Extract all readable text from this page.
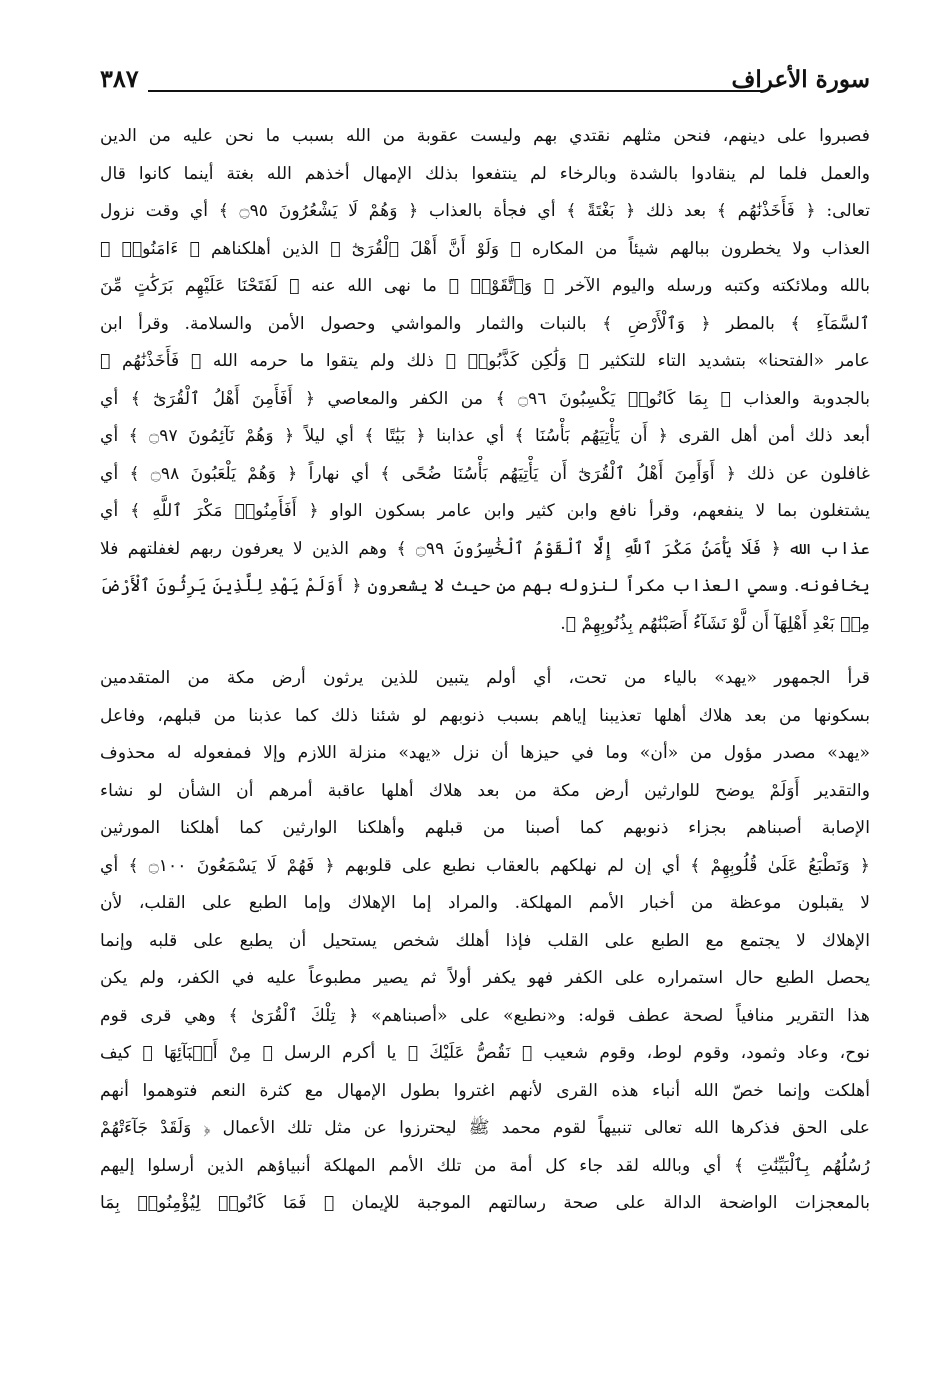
سورة الأعراف
٣٨٧

فصبروا على دينهم، فنحن مثلهم نقتدي بهم وليست عقوبة من الله بسبب ما نحن عليه من الدين
والعمل فلما لم ينقادوا بالشدة وبالرخاء لم ينتفعوا بذلك الإمهال أخذهم الله بغتة أينما كانوا قال
تعالى: ﴿ فَأَخَذْنَٰهُم ﴾ بعد ذلك ﴿ بَغْتَةً ﴾ أي فجأة بالعذاب ﴿ وَهُمْ لَا يَشْعُرُونَ ۝٩٥ ﴾ أي وقت نزول
العذاب ولا يخطرون ببالهم شيئاً من المكاره ﴿ وَلَوْ أَنَّ أَهْلَ ٱلْقُرَىٰٓ ﴾ الذين أهلكناهم ﴿ ءَامَنُوا۟ ﴾
بالله وملائكته وكتبه ورسله واليوم الآخر ﴿ وَٱتَّقَوْا۟ ﴾ ما نهى الله عنه ﴿ لَفَتَحْنَا عَلَيْهِم بَرَكَٰتٍ مِّنَ
ٱلسَّمَآءِ ﴾ بالمطر ﴿ وَٱلْأَرْضِ ﴾ بالنبات والثمار والمواشي وحصول الأمن والسلامة. وقرأ ابن
عامر «الفتحنا» بتشديد التاء للتكثير ﴿ وَلَٰكِن كَذَّبُوا۟ ﴾ ذلك ولم يتقوا ما حرمه الله ﴿ فَأَخَذْنَٰهُم ﴾
بالجدوبة والعذاب ﴿ بِمَا كَانُوا۟ يَكْسِبُونَ ۝٩٦ ﴾ من الكفر والمعاصي ﴿ أَفَأَمِنَ أَهْلُ ٱلْقُرَىٰٓ ﴾ أي
أبعد ذلك أمن أهل القرى ﴿ أَن يَأْتِيَهُم بَأْسُنَا ﴾ أي عذابنا ﴿ بَيَٰتًا ﴾ أي ليلاً ﴿ وَهُمْ نَآئِمُونَ ۝٩٧ ﴾ أي
غافلون عن ذلك ﴿ أَوَأَمِنَ أَهْلُ ٱلْقُرَىٰٓ أَن يَأْتِيَهُم بَأْسُنَا ضُحًى ﴾ أي نهاراً ﴿ وَهُمْ يَلْعَبُونَ ۝٩٨ ﴾ أي
يشتغلون بما لا ينفعهم، وقرأ نافع وابن كثير وابن عامر بسكون الواو ﴿ أَفَأَمِنُوا۟ مَكْرَ ٱللَّهِ ﴾ أي
عذاب الله ﴿ فَلَا يَأْمَنُ مَكْرَ ٱللَّهِ إِلَّا ٱلْقَوْمُ ٱلْخَٰسِرُونَ ۝٩٩ ﴾ وهم الذين لا يعرفون ربهم لغفلتهم فلا
يخافونه. وسمي العذاب مكراً لنزوله بهم من حيث لا يشعرون ﴿ أَوَلَمْ يَهْدِ لِلَّذِينَ يَرِثُونَ ٱلْأَرْضَ
مِنۢ بَعْدِ أَهْلِهَآ أَن لَّوْ نَشَآءُ أَصَبْنَٰهُم بِذُنُوبِهِمْ ﴾.

قرأ الجمهور «يهد» بالياء من تحت، أي أولم يتبين للذين يرثون أرض مكة من المتقدمين
بسكونها من بعد هلاك أهلها تعذيبنا إياهم بسبب ذنوبهم لو شئنا ذلك كما عذبنا من قبلهم، وفاعل
«يهد» مصدر مؤول من «أن» وما في حيزها أن نزل «يهد» منزلة اللازم وإلا فمفعوله له محذوف
والتقدير أَوَلَمْ يوضح للوارثين أرض مكة من بعد هلاك أهلها عاقبة أمرهم أن الشأن لو نشاء
الإصابة أصبناهم بجزاء ذنوبهم كما أصبنا من قبلهم وأهلكنا الوارثين كما أهلكنا المورثين
﴿ وَنَطْبَعُ عَلَىٰ قُلُوبِهِمْ ﴾ أي إن لم نهلكهم بالعقاب نطبع على قلوبهم ﴿ فَهُمْ لَا يَسْمَعُونَ ۝١٠٠ ﴾ أي
لا يقبلون موعظة من أخبار الأمم المهلكة. والمراد إما الإهلاك وإما الطبع على القلب، لأن
الإهلاك لا يجتمع مع الطبع على القلب فإذا أهلك شخص يستحيل أن يطبع على قلبه وإنما
يحصل الطبع حال استمراره على الكفر فهو يكفر أولاً ثم يصير مطبوعاً عليه في الكفر، ولم يكن
هذا التقرير منافياً لصحة عطف قوله: و«نطبع» على «أصبناهم» ﴿ تِلْكَ ٱلْقُرَىٰ ﴾ وهي قرى قوم
نوح، وعاد وثمود، وقوم لوط، وقوم شعيب ﴿ نَقُصُّ عَلَيْكَ ﴾ يا أكرم الرسل ﴿ مِنْ أَنۢبَآئِهَا ﴾ كيف
أهلكت وإنما خصّ الله أنباء هذه القرى لأنهم اغتروا بطول الإمهال مع كثرة النعم فتوهموا أنهم
على الحق فذكرها الله تعالى تنبيهاً لقوم محمد ﷺ ليحترزوا عن مثل تلك الأعمال ﴿ وَلَقَدْ جَآءَتْهُمْ
رُسُلُهُم بِٱلْبَيِّنَٰتِ ﴾ أي وبالله لقد جاء كل أمة من تلك الأمم المهلكة أنبياؤهم الذين أرسلوا إليهم
بالمعجزات الواضحة الدالة على صحة رسالتهم الموجبة للإيمان ﴿ فَمَا كَانُوا۟ لِيُؤْمِنُوا۟ بِمَا
